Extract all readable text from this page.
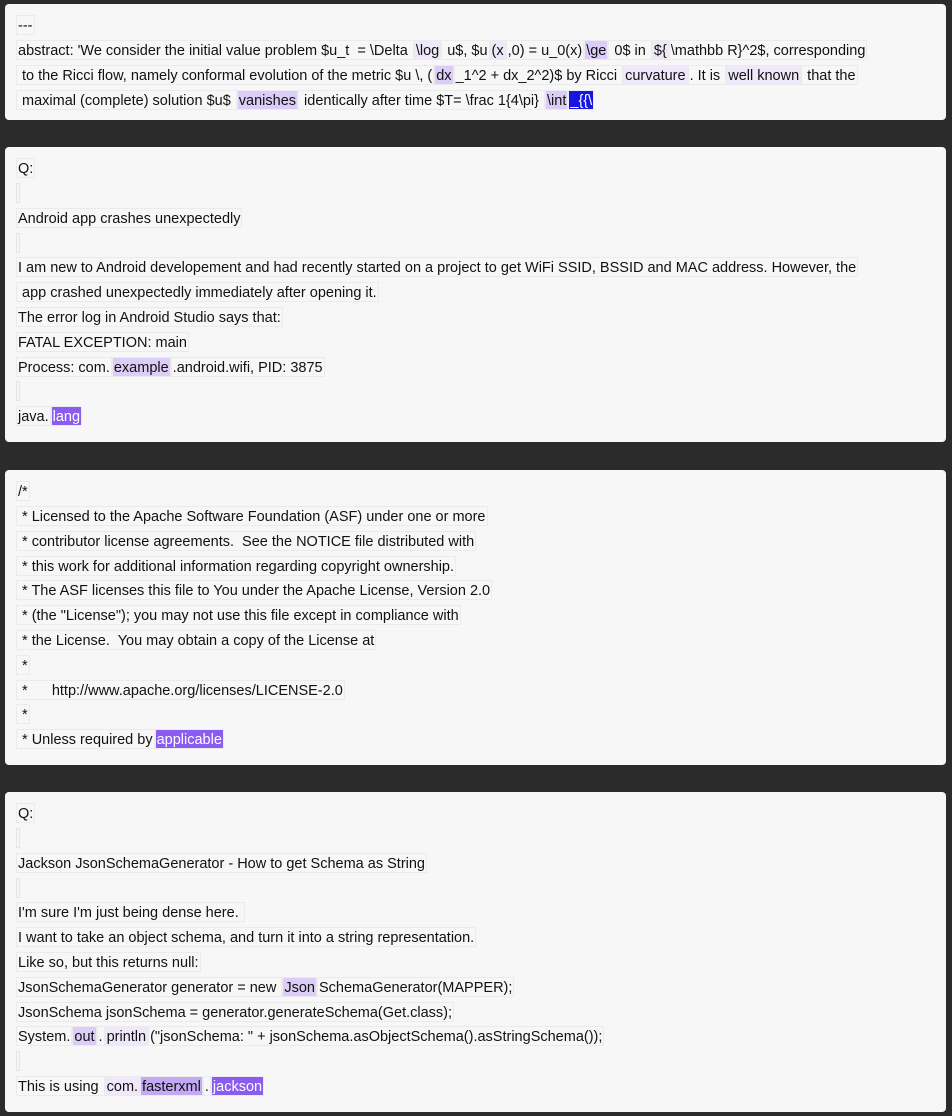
---
abstract: 'We consider the initial value problem $u_t  = \Delta \log u$, $u (x ,0) = u_0(x) \ge 0$ in ${ \mathbb R}^2$, corresponding
to the Ricci flow, namely conformal evolution of the metric $u \, ( dx _1^2 + dx_2^2)$ by Ricci curvature . It is well known that the
maximal (complete) solution $u$ vanishes identically after time $T= \frac 1{4\pi} \int _{{\
Q:
Android app crashes unexpectedly
I am new to Android developement and had recently started on a project to get WiFi SSID, BSSID and MAC address. However, the
app crashed unexpectedly immediately after opening it.
The error log in Android Studio says that:
FATAL EXCEPTION: main
Process: com. example .android.wifi, PID: 3875
java. lang
/*
* Licensed to the Apache Software Foundation (ASF) under one or more
* contributor license agreements.  See the NOTICE file distributed with
* this work for additional information regarding copyright ownership.
* The ASF licenses this file to You under the Apache License, Version 2.0
* (the "License"); you may not use this file except in compliance with
* the License.  You may obtain a copy of the License at
*
*      http://www.apache.org/licenses/LICENSE-2.0
*
* Unless required by applicable
Q:
Jackson JsonSchemaGenerator - How to get Schema as String
I'm sure I'm just being dense here.
I want to take an object schema, and turn it into a string representation.
Like so, but this returns null:
JsonSchemaGenerator generator = new Json SchemaGenerator(MAPPER);
JsonSchema jsonSchema = generator.generateSchema(Get.class);
System. out . println ("jsonSchema: " + jsonSchema.asObjectSchema().asStringSchema());
This is using com. fasterxml . jackson
